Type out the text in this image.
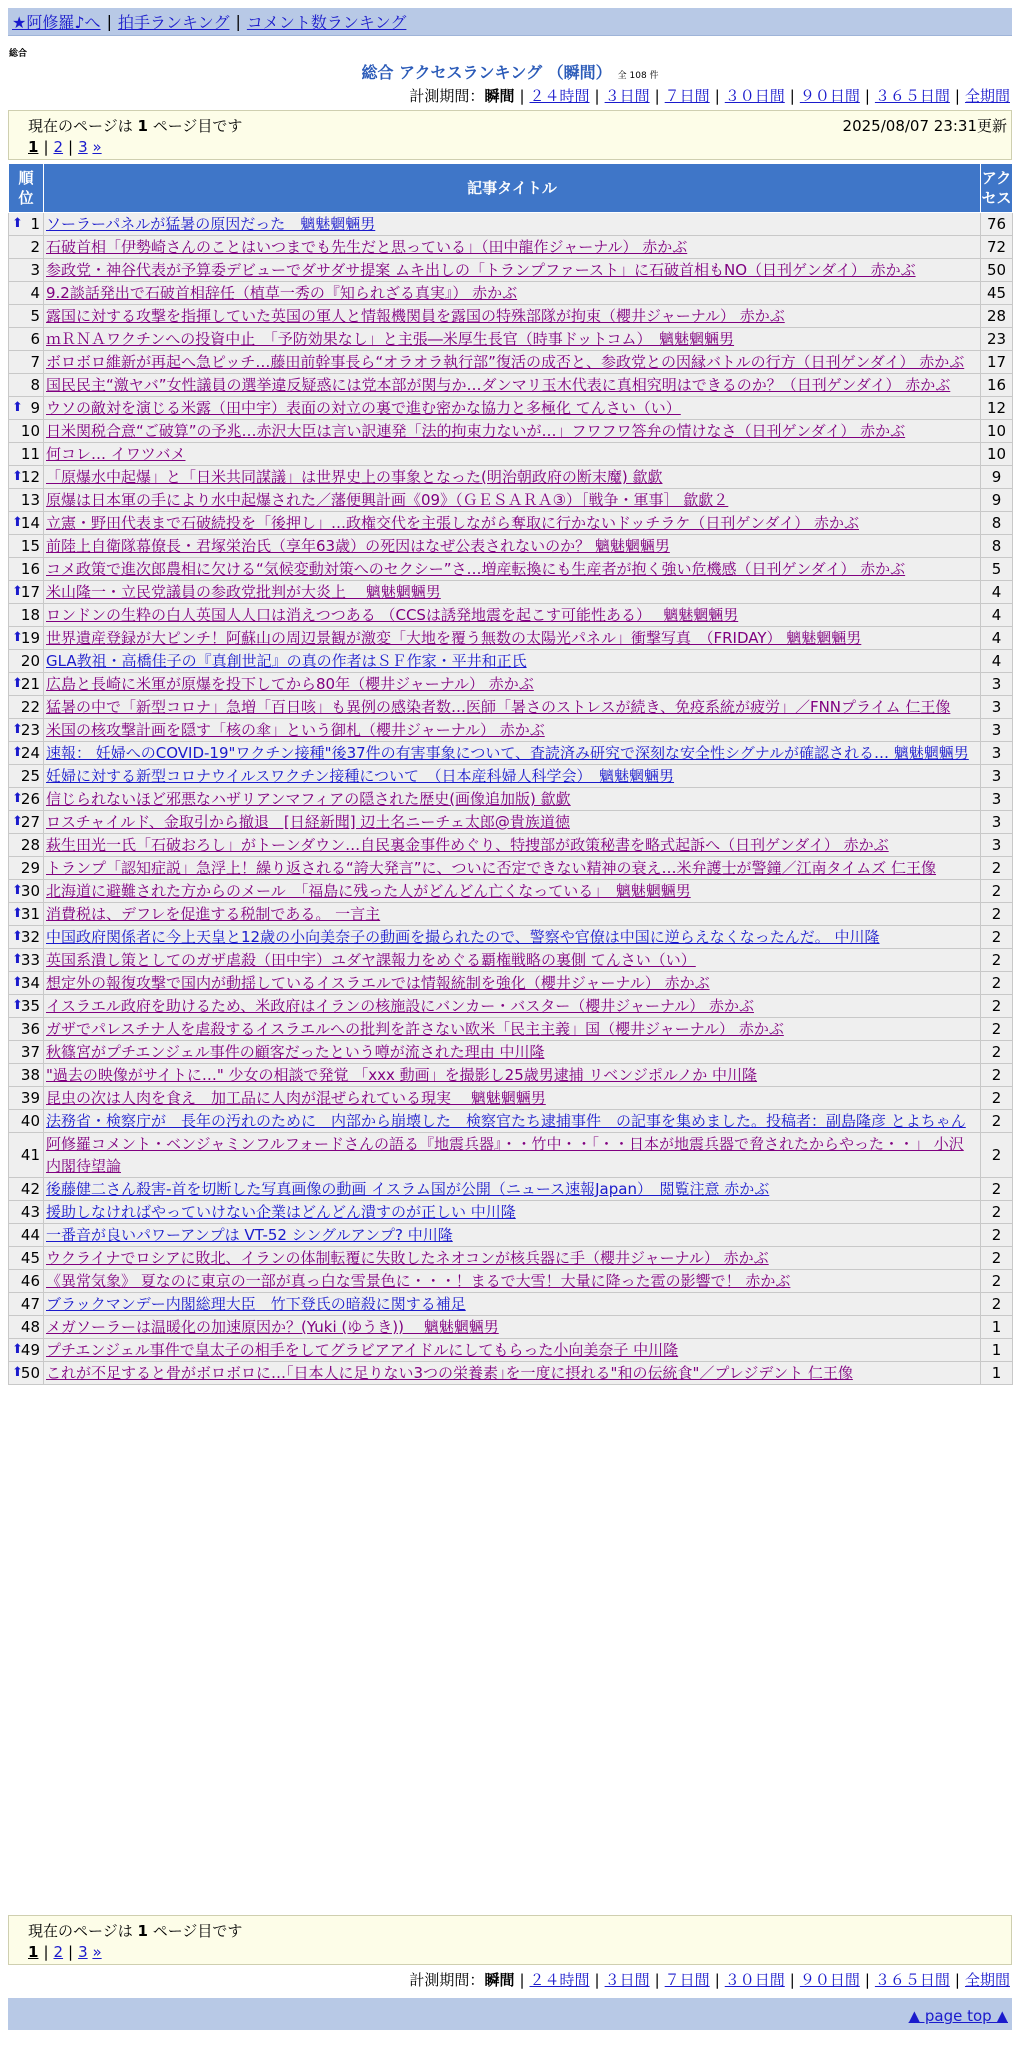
★阿修羅♪へ | 拍手ランキング | コメント数ランキング
総合
総合 アクセスランキング （瞬間） 全 108 件
計測期間：瞬間 | ２４時間 | ３日間 | ７日間 | ３０日間 | ９０日間 | ３６５日間 | 全期間
現在のページは 1 ページ目です	2025/08/07 23:31更新
1 | 2 | 3 »
順位	記事タイトル	アクセス

⬆ 1	ソーラーパネルが猛暑の原因だった　魑魅魍魎男	76
2	石破首相「伊勢崎さんのことはいつまでも先生だと思っている」（田中龍作ジャーナル） 赤かぶ	72
3	参政党・神谷代表が予算委デビューでダサダサ提案 ムキ出しの「トランプファースト」に石破首相もNO（日刊ゲンダイ） 赤かぶ	50
4	9.2談話発出で石破首相辞任（植草一秀の『知られざる真実』） 赤かぶ	45
5	露国に対する攻撃を指揮していた英国の軍人と情報機関員を露国の特殊部隊が拘束（櫻井ジャーナル） 赤かぶ	28
6	ｍＲＮＡワクチンへの投資中止　「予防効果なし」と主張―米厚生長官（時事ドットコム）　魑魅魍魎男	23
7	ボロボロ維新が再起へ急ピッチ…藤田前幹事長ら“オラオラ執行部”復活の成否と、参政党との因縁バトルの行方（日刊ゲンダイ） 赤かぶ	17
8	国民民主“激ヤバ”女性議員の選挙違反疑惑には党本部が関与か…ダンマリ玉木代表に真相究明はできるのか？（日刊ゲンダイ） 赤かぶ	16

⬆ 9	ウソの敵対を演じる米露（田中宇）表面の対立の裏で進む密かな協力と多極化 てんさい（い）	12
10	日米関税合意“ご破算”の予兆…赤沢大臣は言い訳連発「法的拘束力ないが…」フワフワ答弁の情けなさ（日刊ゲンダイ） 赤かぶ	10
11	何コレ… イワツバメ	10

⬆
12	「原爆水中起爆」と「日米共同謀議」は世界史上の事象となった(明治朝政府の断末魔) 歙歔	9
13	原爆は日本軍の手により水中起爆された／藩便興計画《09》（ＧＥＳＡＲＡ③）［戦争・軍事］ 歙歔２	9

⬆
14	立憲・野田代表まで石破続投を「後押し」…政権交代を主張しながら奪取に行かないドッチラケ（日刊ゲンダイ） 赤かぶ	8
15	前陸上自衛隊幕僚長・君塚栄治氏（享年63歳）の死因はなぜ公表されないのか？ 魑魅魍魎男	8
16	コメ政策で進次郎農相に欠ける“気候変動対策へのセクシー”さ…増産転換にも生産者が抱く強い危機感（日刊ゲンダイ） 赤かぶ	5

⬆
17	米山隆一・立民党議員の参政党批判が大炎上　 魑魅魍魎男	4
18	ロンドンの生粋の白人英国人人口は消えつつある （CCSは誘発地震を起こす可能性ある）　 魑魅魍魎男	4

⬆
19	世界遺産登録が大ピンチ！阿蘇山の周辺景観が激変「大地を覆う無数の太陽光パネル」衝撃写真　（FRIDAY） 魑魅魍魎男	4
20	GLA教祖・高橋佳子の『真創世記』の真の作者はＳＦ作家・平井和正氏	4

⬆
21	広島と長崎に米軍が原爆を投下してから80年（櫻井ジャーナル） 赤かぶ	3
22	猛暑の中で「新型コロナ」急増「百日咳」も異例の感染者数…医師「暑さのストレスが続き、免疫系統が疲労」／FNNプライム 仁王像	3

⬆
23	米国の核攻撃計画を隠す「核の傘」という御札（櫻井ジャーナル） 赤かぶ	3

⬆
24	速報： 妊婦へのCOVID-19"ワクチン接種"後37件の有害事象について、査読済み研究で深刻な安全性シグナルが確認される… 魑魅魍魎男	3
25	妊婦に対する新型コロナウイルスワクチン接種について　（日本産科婦人科学会）　魑魅魍魎男	3

⬆
26	信じられないほど邪悪なハザリアンマフィアの隠された歴史(画像追加版) 歙歔	3

⬆
27	ロスチャイルド、金取引から撤退　[日経新聞] 辺土名ニーチェ太郎@貴族道徳	3
28	萩生田光一氏「石破おろし」がトーンダウン…自民裏金事件めぐり、特捜部が政策秘書を略式起訴へ（日刊ゲンダイ） 赤かぶ	3
29	トランプ「認知症説」急浮上！繰り返される“誇大発言”に、ついに否定できない精神の衰え…米弁護士が警鐘／江南タイムズ 仁王像	2

⬆
30	北海道に避難された方からのメール　「福島に残った人がどんどん亡くなっている」　魑魅魍魎男	2

⬆
31	消費税は、デフレを促進する税制である。 一言主	2

⬆
32	中国政府関係者に今上天皇と12歳の小向美奈子の動画を撮られたので、警察や官僚は中国に逆らえなくなったんだ。 中川隆	2

⬆
33	英国系潰し策としてのガザ虐殺（田中宇）ユダヤ課報力をめぐる覇権戦略の裏側 てんさい（い）	2

⬆
34	想定外の報復攻撃で国内が動揺しているイスラエルでは情報統制を強化（櫻井ジャーナル） 赤かぶ	2

⬆
35	イスラエル政府を助けるため、米政府はイランの核施設にバンカー・バスター（櫻井ジャーナル） 赤かぶ	2
36	ガザでパレスチナ人を虐殺するイスラエルへの批判を許さない欧米「民主主義」国（櫻井ジャーナル） 赤かぶ	2
37	秋篠宮がプチエンジェル事件の顧客だったという噂が流された理由 中川隆	2
38	"過去の映像がサイトに…" 少女の相談で発覚 「xxx 動画」を撮影し25歳男逮捕 リベンジポルノか 中川隆	2
39	昆虫の次は人肉を食え　加工品に人肉が混ぜられている現実　 魑魅魍魎男	2
40	法務省・検察庁が　長年の汚れのために　内部から崩壊した　検察官たち逮捕事件　の記事を集めました。投稿者：副島隆彦 とよちゃん	2
41	阿修羅コメント・ベンジャミンフルフォードさんの語る『地震兵器』・・竹中・・「・・日本が地震兵器で脅されたからやった・・」 小沢内閣待望論	2
42	後藤健二さん殺害-首を切断した写真画像の動画 イスラム国が公開（ニュース速報Japan）　閲覧注意 赤かぶ	2
43	援助しなければやっていけない企業はどんどん潰すのが正しい 中川隆	2
44	一番音が良いパワーアンプは VT-52 シングルアンプ? 中川隆	2
45	ウクライナでロシアに敗北、イランの体制転覆に失敗したネオコンが核兵器に手（櫻井ジャーナル） 赤かぶ	2
46	《異常気象》 夏なのに東京の一部が真っ白な雪景色に・・・！まるで大雪！大量に降った雹の影響で！ 赤かぶ	2
47	ブラックマンデー内閣総理大臣　竹下登氏の暗殺に関する補足	2
48	メガソーラーは温暖化の加速原因か？(Yuki (ゆうき))　 魑魅魍魎男	1

⬆
49	プチエンジェル事件で皇太子の相手をしてグラビアアイドルにしてもらった小向美奈子 中川隆	1

⬆
50	これが不足すると骨がボロボロに…｢日本人に足りない3つの栄養素｣を一度に摂れる"和の伝統食"／プレジデント 仁王像	1
現在のページは 1 ページ目です
1 | 2 | 3 »
計測期間：瞬間 | ２４時間 | ３日間 | ７日間 | ３０日間 | ９０日間 | ３６５日間 | 全期間
▲ page top ▲
